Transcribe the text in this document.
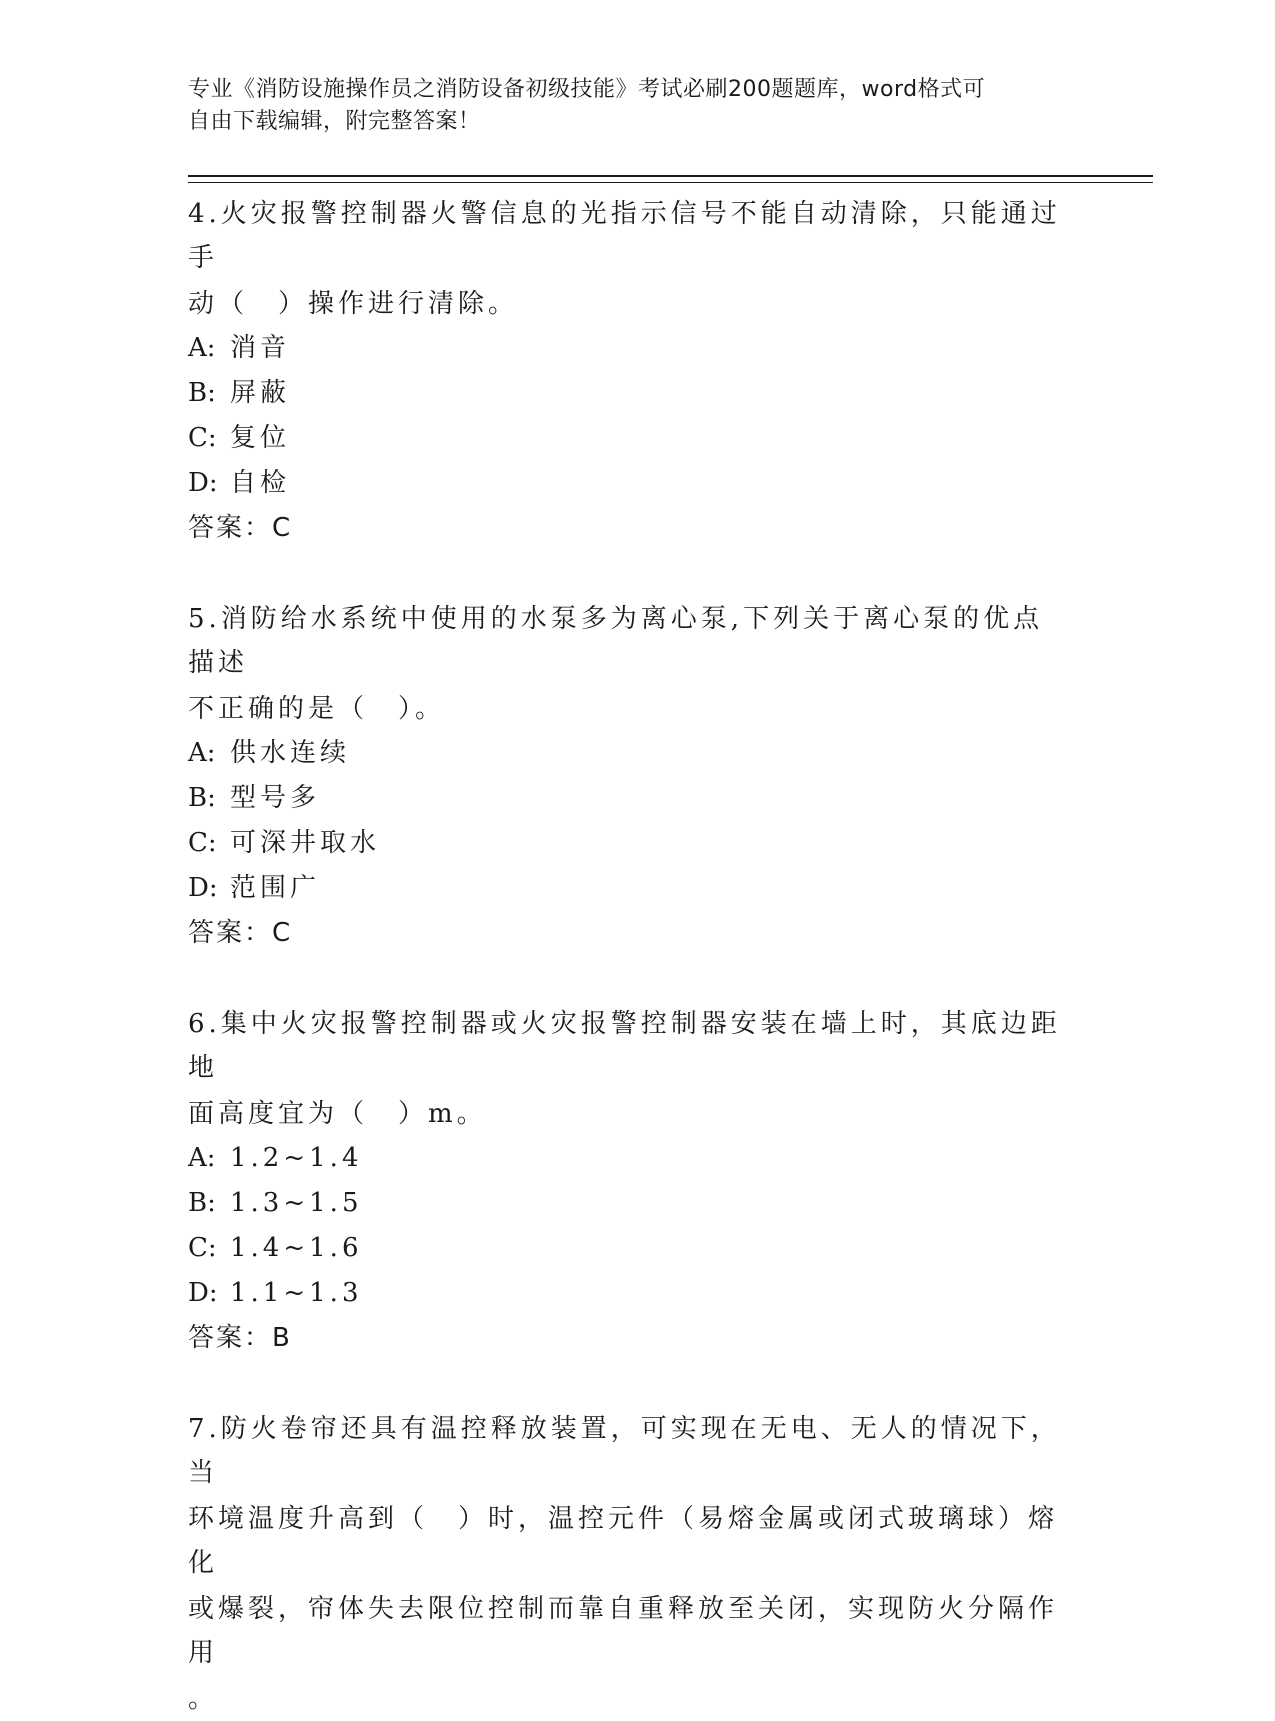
专业《消防设施操作员之消防设备初级技能》考试必刷200题题库，word格式可
自由下载编辑，附完整答案！

4.火灾报警控制器火警信息的光指示信号不能自动清除，只能通过手

动（　）操作进行清除。

A: 消音

B: 屏蔽

C: 复位

D: 自检

答案：C

5.消防给水系统中使用的水泵多为离心泵,下列关于离心泵的优点描述

不正确的是（　）。

A: 供水连续

B: 型号多

C: 可深井取水

D: 范围广

答案：C

6.集中火灾报警控制器或火灾报警控制器安装在墙上时，其底边距地

面高度宜为（　）m。

A: 1.2~1.4

B: 1.3~1.5

C: 1.4~1.6

D: 1.1~1.3

答案：B

7.防火卷帘还具有温控释放装置，可实现在无电、无人的情况下，当

环境温度升高到（　）时，温控元件（易熔金属或闭式玻璃球）熔化

或爆裂，帘体失去限位控制而靠自重释放至关闭，实现防火分隔作用

。
